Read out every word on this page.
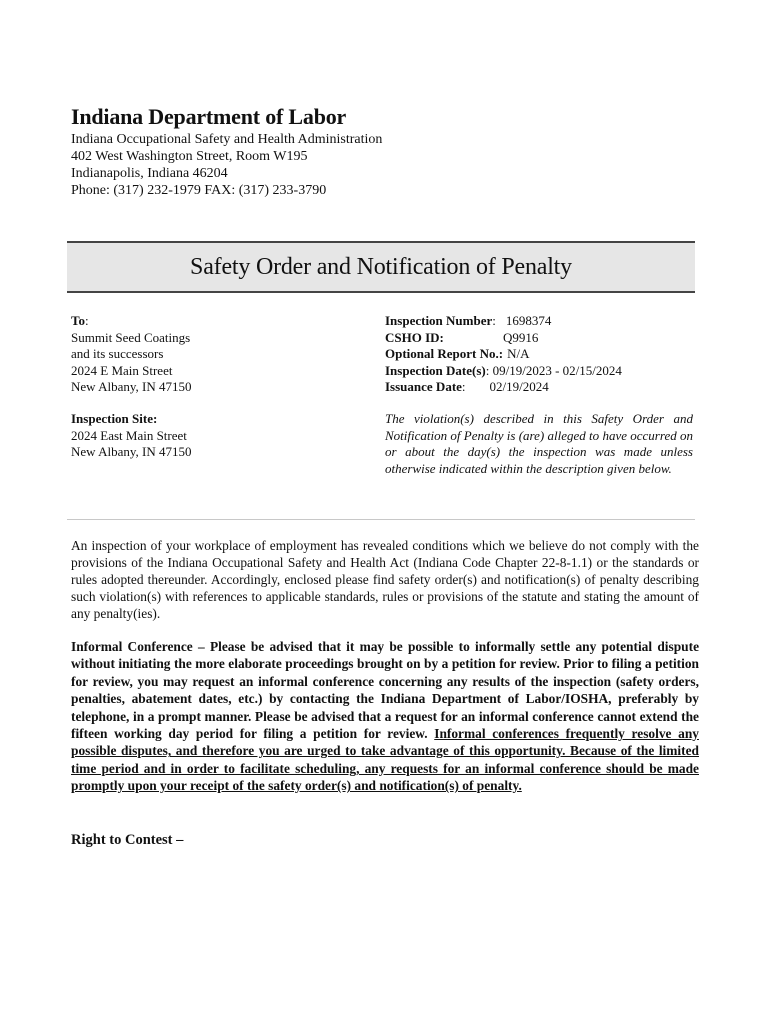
Indiana Department of Labor
Indiana Occupational Safety and Health Administration
402 West Washington Street, Room W195
Indianapolis, Indiana 46204
Phone: (317) 232-1979 FAX: (317) 233-3790
Safety Order and Notification of Penalty
To:
Summit Seed Coatings
and its successors
2024 E Main Street
New Albany, IN 47150
Inspection Site:
2024 East Main Street
New Albany, IN 47150
Inspection Number : 1698374
CSHO ID:	Q9916
Optional Report No.: N/A
Inspection Date(s) : 09/19/2023 - 02/15/2024
Issuance Date : 02/19/2024
The violation(s) described in this Safety Order and Notification of Penalty is (are) alleged to have occurred on or about the day(s) the inspection was made unless otherwise indicated within the description given below.
An inspection of your workplace of employment has revealed conditions which we believe do not comply with the provisions of the Indiana Occupational Safety and Health Act (Indiana Code Chapter 22-8-1.1) or the standards or rules adopted thereunder. Accordingly, enclosed please find safety order(s) and notification(s) of penalty describing such violation(s) with references to applicable standards, rules or provisions of the statute and stating the amount of any penalty(ies).
Informal Conference – Please be advised that it may be possible to informally settle any potential dispute without initiating the more elaborate proceedings brought on by a petition for review. Prior to filing a petition for review, you may request an informal conference concerning any results of the inspection (safety orders, penalties, abatement dates, etc.) by contacting the Indiana Department of Labor/IOSHA, preferably by telephone, in a prompt manner. Please be advised that a request for an informal conference cannot extend the fifteen working day period for filing a petition for review. Informal conferences frequently resolve any possible disputes, and therefore you are urged to take advantage of this opportunity. Because of the limited time period and in order to facilitate scheduling, any requests for an informal conference should be made promptly upon your receipt of the safety order(s) and notification(s) of penalty.
Right to Contest –
